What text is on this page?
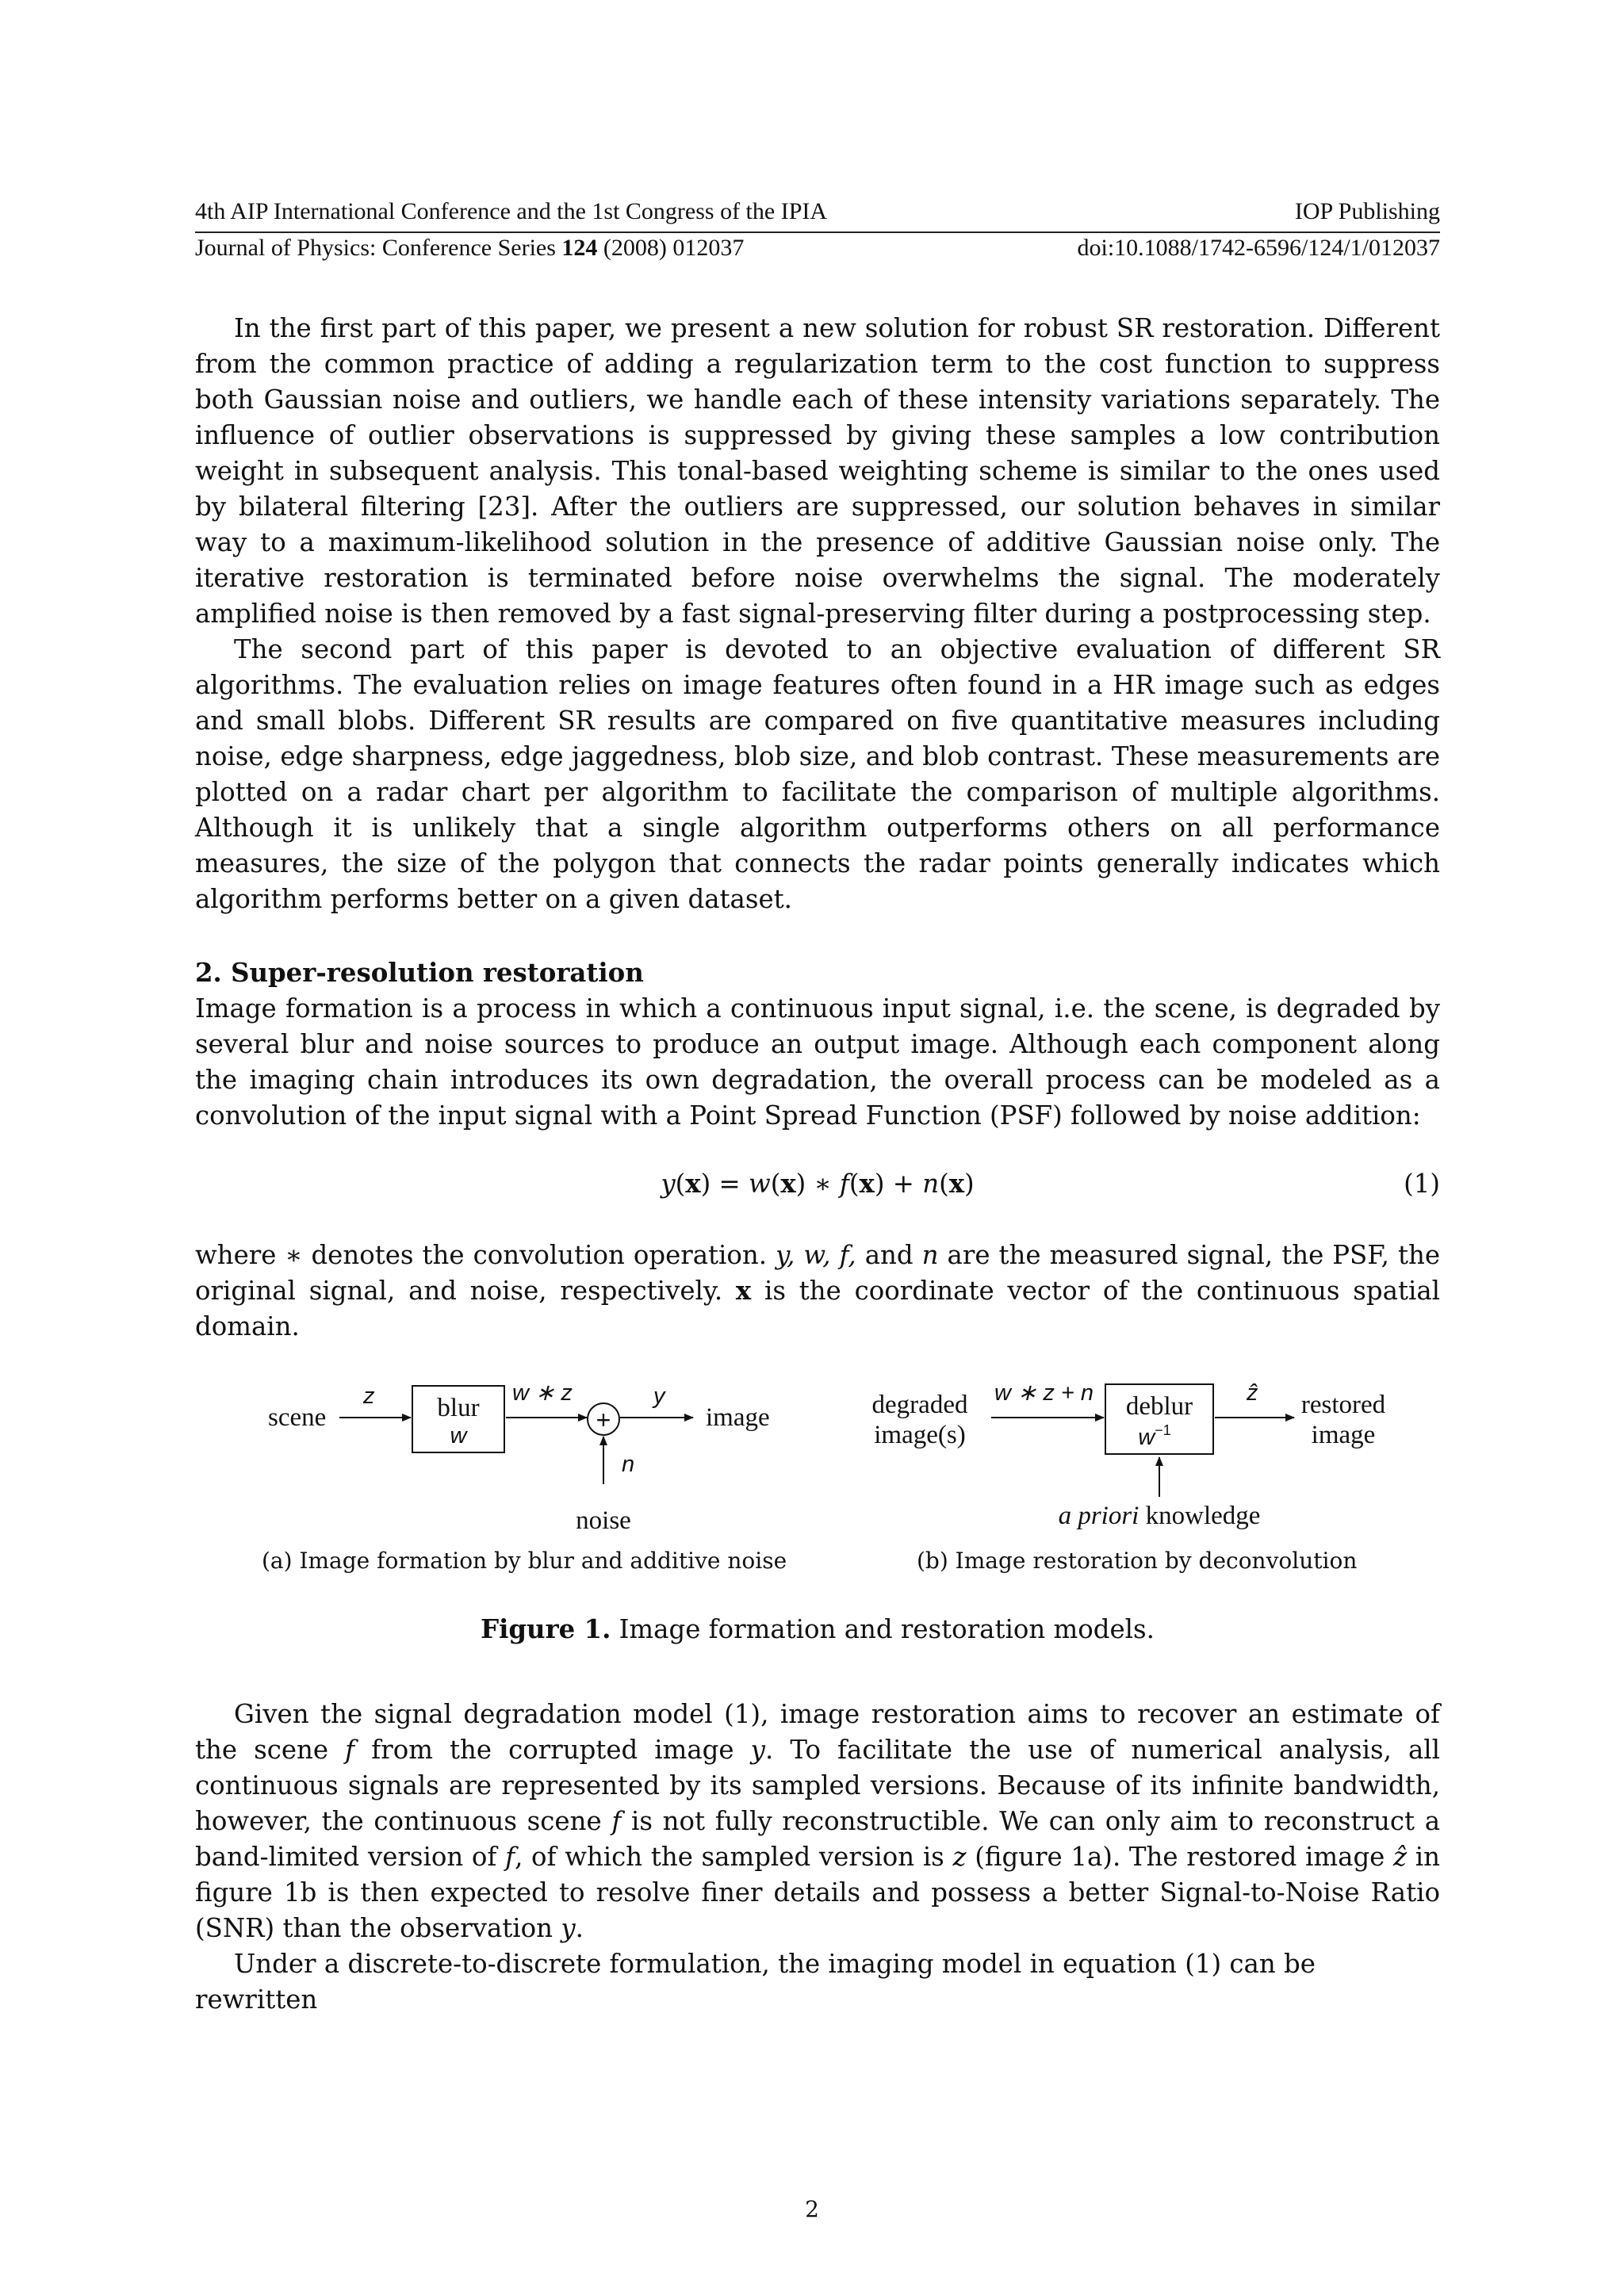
4th AIP International Conference and the 1st Congress of the IPIA	IOP Publishing
Journal of Physics: Conference Series 124 (2008) 012037	doi:10.1088/1742-6596/124/1/012037

In the first part of this paper, we present a new solution for robust SR restoration. Different from the common practice of adding a regularization term to the cost function to suppress both Gaussian noise and outliers, we handle each of these intensity variations separately. The influence of outlier observations is suppressed by giving these samples a low contribution weight in subsequent analysis. This tonal-based weighting scheme is similar to the ones used by bilateral filtering [23]. After the outliers are suppressed, our solution behaves in similar way to a maximum-likelihood solution in the presence of additive Gaussian noise only. The iterative restoration is terminated before noise overwhelms the signal. The moderately amplified noise is then removed by a fast signal-preserving filter during a postprocessing step.

The second part of this paper is devoted to an objective evaluation of different SR algorithms. The evaluation relies on image features often found in a HR image such as edges and small blobs. Different SR results are compared on five quantitative measures including noise, edge sharpness, edge jaggedness, blob size, and blob contrast. These measurements are plotted on a radar chart per algorithm to facilitate the comparison of multiple algorithms. Although it is unlikely that a single algorithm outperforms others on all performance measures, the size of the polygon that connects the radar points generally indicates which algorithm performs better on a given dataset.

2. Super-resolution restoration

Image formation is a process in which a continuous input signal, i.e. the scene, is degraded by several blur and noise sources to produce an output image. Although each component along the imaging chain introduces its own degradation, the overall process can be modeled as a convolution of the input signal with a Point Spread Function (PSF) followed by noise addition:

y(x) = w(x) ∗ f(x) + n(x)	(1)

where ∗ denotes the convolution operation. y, w, f, and n are the measured signal, the PSF, the original signal, and noise, respectively. x is the coordinate vector of the continuous spatial domain.

scene
z blur
w
w ∗ z
+
y
image
n
noise
degraded
image(s)
w ∗ z + n deblur
$w^{-1}$
ẑ restored
image
a priori knowledge
(a) Image formation by blur and additive noise	(b) Image restoration by deconvolution
Figure 1. Image formation and restoration models.

Given the signal degradation model (1), image restoration aims to recover an estimate of the scene f from the corrupted image y. To facilitate the use of numerical analysis, all continuous signals are represented by its sampled versions. Because of its infinite bandwidth, however, the continuous scene f is not fully reconstructible. We can only aim to reconstruct a band-limited version of f, of which the sampled version is z (figure 1a). The restored image ẑ in figure 1b is then expected to resolve finer details and possess a better Signal-to-Noise Ratio (SNR) than the observation y.

Under a discrete-to-discrete formulation, the imaging model in equation (1) can be rewritten

2
